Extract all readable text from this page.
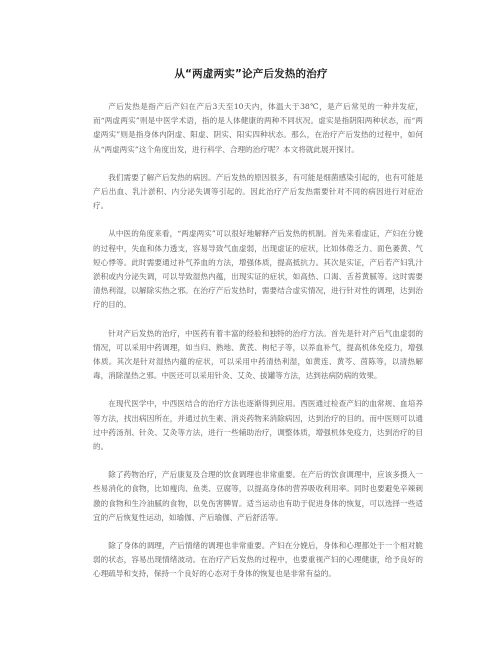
从“两虚两实”论产后发热的治疗

产后发热是指产后产妇在产后3天至10天内，体温大于38℃，是产后常见的一种并发症，而“两虚两实”则是中医学术语，指的是人体健康的两种不同状况。虚实是指阴阳两种状态，而“两虚两实”则是指身体内阴虚、阳虚、阴实、阳实四种状态。那么，在治疗产后发热的过程中，如何从“两虚两实”这个角度出发，进行科学、合理的治疗呢？本文将就此展开探讨。

我们需要了解产后发热的病因。产后发热的原因很多，有可能是细菌感染引起的，也有可能是产后出血、乳汁淤积、内分泌失调等引起的。因此治疗产后发热需要针对不同的病因进行对症治疗。

从中医的角度来看，“两虚两实”可以很好地解释产后发热的机制。首先来看虚证，产妇在分娩的过程中，失血和体力透支，容易导致气血虚弱，出现虚证的症状，比如体倦乏力、面色萎黄、气短心悸等。此时需要通过补气养血的方法，增强体质，提高抵抗力。其次是实证，产后若产妇乳汁淤积或内分泌失调，可以导致湿热内蕴，出现实证的症状，如高热、口渴、舌苔黄腻等。这时需要清热利湿，以解除实热之邪。在治疗产后发热时，需要结合虚实情况，进行针对性的调理，达到治疗的目的。

针对产后发热的治疗，中医药有着丰富的经验和独特的治疗方法。首先是针对产后气血虚弱的情况，可以采用中药调理，如当归、熟地、黄芪、枸杞子等，以养血补气，提高机体免疫力，增强体质。其次是针对湿热内蕴的症状，可以采用中药清热利湿，如黄连、黄芩、茵陈等，以清热解毒，消除湿热之邪。中医还可以采用针灸、艾灸、拔罐等方法，达到祛病防病的效果。

在现代医学中，中西医结合的治疗方法也逐渐得到应用。西医通过检查产妇的血常规、血培养等方法，找出病因所在，并通过抗生素、消炎药物来消除病因，达到治疗的目的。而中医则可以通过中药汤剂、针灸、艾灸等方法，进行一些辅助治疗，调整体质，增强机体免疫力，达到治疗的目的。

除了药物治疗，产后康复及合理的饮食调理也非常重要。在产后的饮食调理中，应该多摄入一些易消化的食物，比如瘦肉、鱼类、豆腐等，以提高身体的营养吸收利用率。同时也要避免辛辣刺激的食物和生冷油腻的食物，以免伤害脾胃。适当运动也有助于促进身体的恢复，可以选择一些适宜的产后恢复性运动，如瑜伽、产后瑜伽、产后舒活等。

除了身体的调理，产后情绪的调理也非常重要。产妇在分娩后，身体和心理都处于一个相对脆弱的状态，容易出现情绪波动。在治疗产后发热的过程中，也要重视产妇的心理健康，给予良好的心理疏导和支持，保持一个良好的心态对于身体的恢复也是非常有益的。
